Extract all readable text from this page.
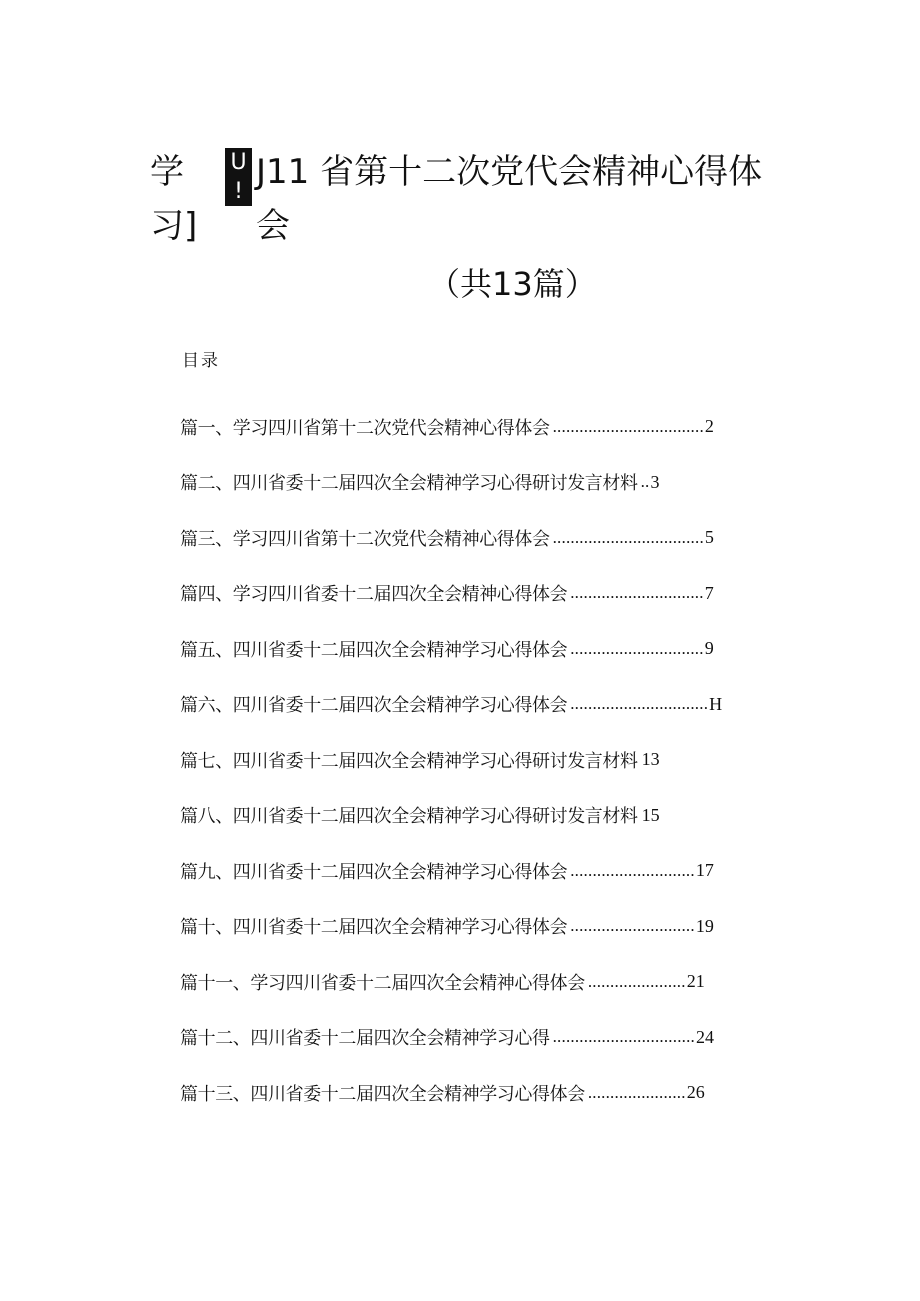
学
习]
U
! J11 省第十二次党代会精神心得体
会
（共13篇）
目录
篇一、学习四川省第十二次党代会精神心得体会 .................................. 2
篇二、四川省委十二届四次全会精神学习心得研讨发言材料 .. 3
篇三、学习四川省第十二次党代会精神心得体会 .................................. 5
篇四、学习四川省委十二届四次全会精神心得体会 .............................. 7
篇五、四川省委十二届四次全会精神学习心得体会 .............................. 9
篇六、四川省委十二届四次全会精神学习心得体会 ............................... H
篇七、四川省委十二届四次全会精神学习心得研讨发言材料 13
篇八、四川省委十二届四次全会精神学习心得研讨发言材料 15
篇九、四川省委十二届四次全会精神学习心得体会 ............................ 17
篇十、四川省委十二届四次全会精神学习心得体会 ............................ 19
篇十一、学习四川省委十二届四次全会精神心得体会 ...................... 21
篇十二、四川省委十二届四次全会精神学习心得 ................................ 24
篇十三、四川省委十二届四次全会精神学习心得体会 ...................... 26
